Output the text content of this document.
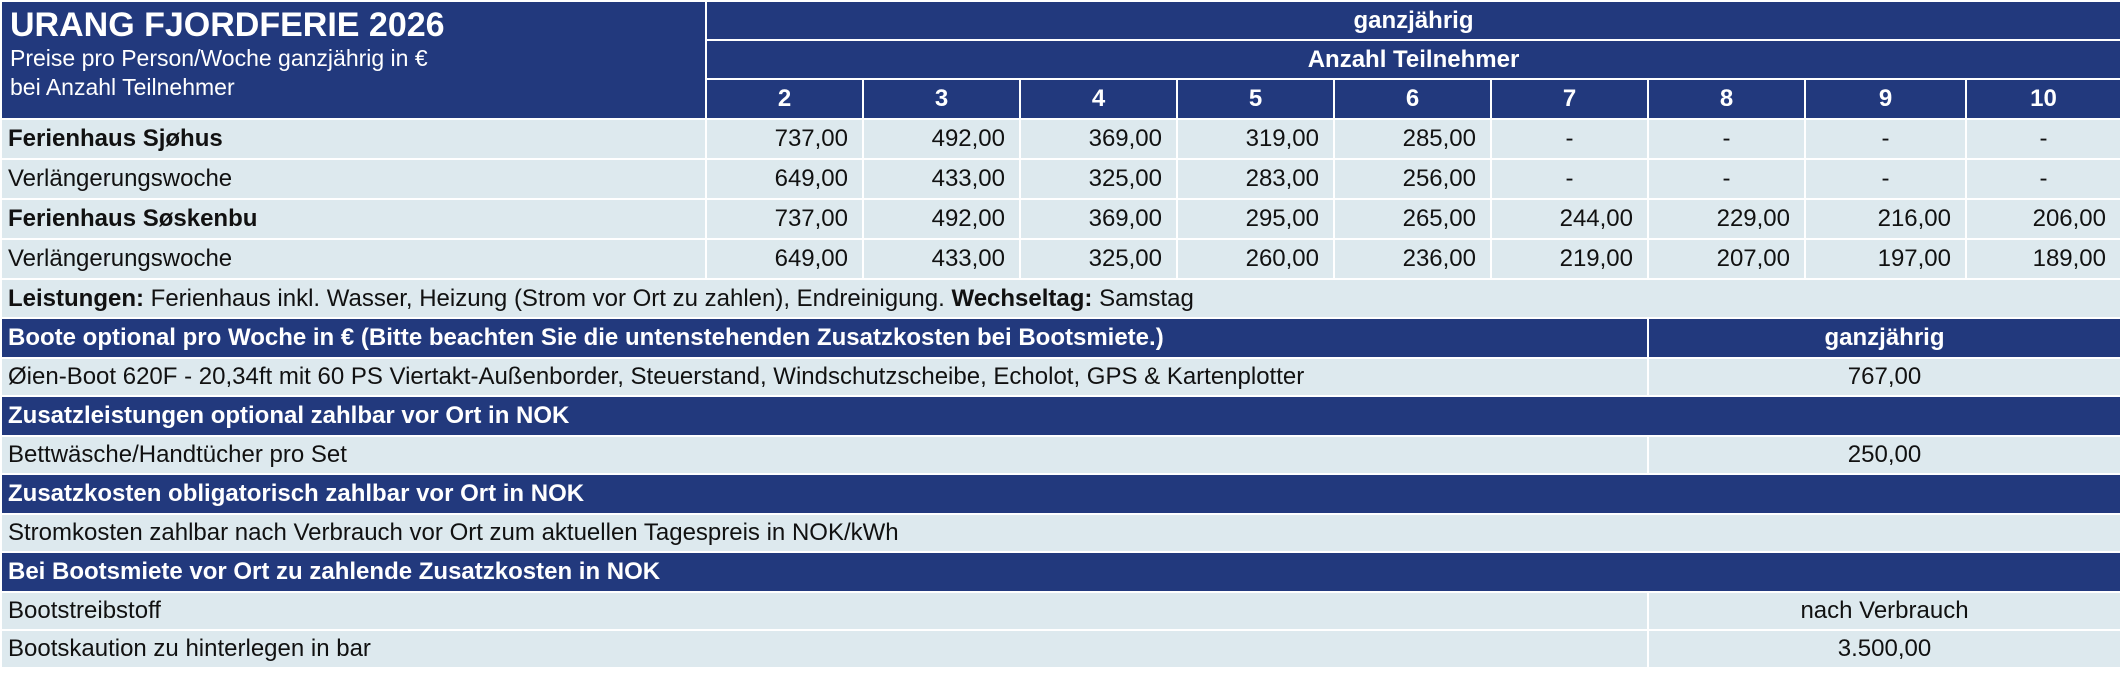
URANG FJORDFERIE 2026
Preise pro Person/Woche ganzjährig in €
bei Anzahl Teilnehmer	ganzjährig								
	Anzahl Teilnehmer								
	2	3	4	5	6	7	8	9	10
Ferienhaus Sjøhus	737,00	492,00	369,00	319,00	285,00	-	-	-	-
Verlängerungswoche	649,00	433,00	325,00	283,00	256,00	-	-	-	-
Ferienhaus Søskenbu	737,00	492,00	369,00	295,00	265,00	244,00	229,00	216,00	206,00
Verlängerungswoche	649,00	433,00	325,00	260,00	236,00	219,00	207,00	197,00	189,00
Leistungen: Ferienhaus inkl. Wasser, Heizung (Strom vor Ort zu zahlen), Endreinigung. Wechseltag: Samstag									
Boote optional pro Woche in € (Bitte beachten Sie die untenstehenden Zusatzkosten bei Bootsmiete.)							ganzjährig		
Øien-Boot 620F - 20,34ft mit 60 PS Viertakt-Außenborder, Steuerstand, Windschutzscheibe, Echolot, GPS & Kartenplotter							767,00		
Zusatzleistungen optional zahlbar vor Ort in NOK									
Bettwäsche/Handtücher pro Set							250,00		
Zusatzkosten obligatorisch zahlbar vor Ort in NOK									
Stromkosten zahlbar nach Verbrauch vor Ort zum aktuellen Tagespreis in NOK/kWh									
Bei Bootsmiete vor Ort zu zahlende Zusatzkosten in NOK									
Bootstreibstoff							nach Verbrauch		
Bootskaution zu hinterlegen in bar							3.500,00		
